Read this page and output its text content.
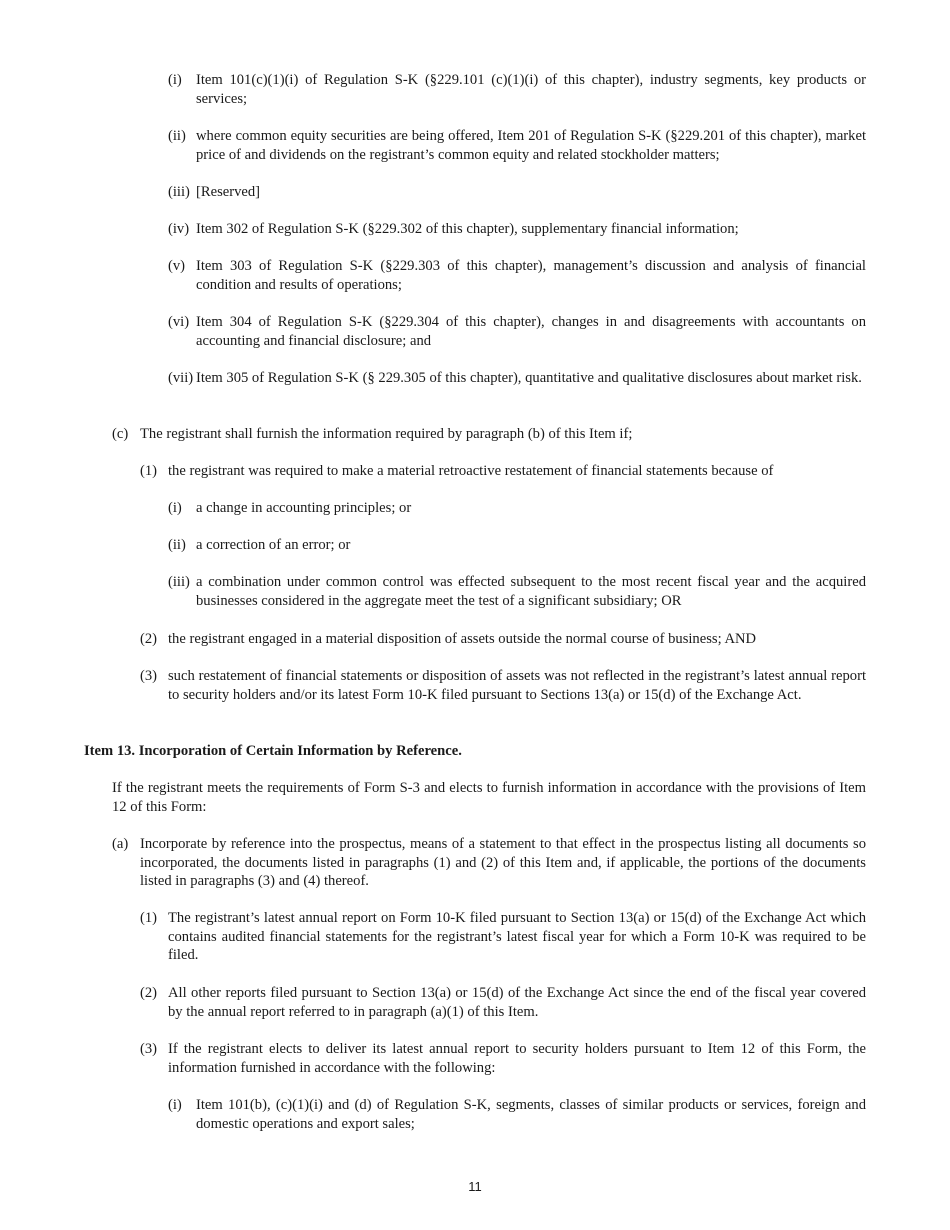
(i) Item 101(c)(1)(i) of Regulation S-K (§229.101 (c)(1)(i) of this chapter), industry segments, key products or services;
(ii) where common equity securities are being offered, Item 201 of Regulation S-K (§229.201 of this chapter), market price of and dividends on the registrant’s common equity and related stockholder matters;
(iii) [Reserved]
(iv) Item 302 of Regulation S-K (§229.302 of this chapter), supplementary financial information;
(v) Item 303 of Regulation S-K (§229.303 of this chapter), management’s discussion and analysis of financial condition and results of operations;
(vi) Item 304 of Regulation S-K (§229.304 of this chapter), changes in and disagreements with accountants on accounting and financial disclosure; and
(vii) Item 305 of Regulation S-K (§ 229.305 of this chapter), quantitative and qualitative disclosures about market risk.
(c) The registrant shall furnish the information required by paragraph (b) of this Item if;
(1) the registrant was required to make a material retroactive restatement of financial statements because of
(i) a change in accounting principles; or
(ii) a correction of an error; or
(iii) a combination under common control was effected subsequent to the most recent fiscal year and the acquired businesses considered in the aggregate meet the test of a significant subsidiary; OR
(2) the registrant engaged in a material disposition of assets outside the normal course of business; AND
(3) such restatement of financial statements or disposition of assets was not reflected in the registrant’s latest annual report to security holders and/or its latest Form 10-K filed pursuant to Sections 13(a) or 15(d) of the Exchange Act.
Item 13. Incorporation of Certain Information by Reference.
If the registrant meets the requirements of Form S-3 and elects to furnish information in accordance with the provisions of Item 12 of this Form:
(a) Incorporate by reference into the prospectus, means of a statement to that effect in the prospectus listing all documents so incorporated, the documents listed in paragraphs (1) and (2) of this Item and, if applicable, the portions of the documents listed in paragraphs (3) and (4) thereof.
(1) The registrant’s latest annual report on Form 10-K filed pursuant to Section 13(a) or 15(d) of the Exchange Act which contains audited financial statements for the registrant’s latest fiscal year for which a Form 10-K was required to be filed.
(2) All other reports filed pursuant to Section 13(a) or 15(d) of the Exchange Act since the end of the fiscal year covered by the annual report referred to in paragraph (a)(1) of this Item.
(3) If the registrant elects to deliver its latest annual report to security holders pursuant to Item 12 of this Form, the information furnished in accordance with the following:
(i) Item 101(b), (c)(1)(i) and (d) of Regulation S-K, segments, classes of similar products or services, foreign and domestic operations and export sales;
11
